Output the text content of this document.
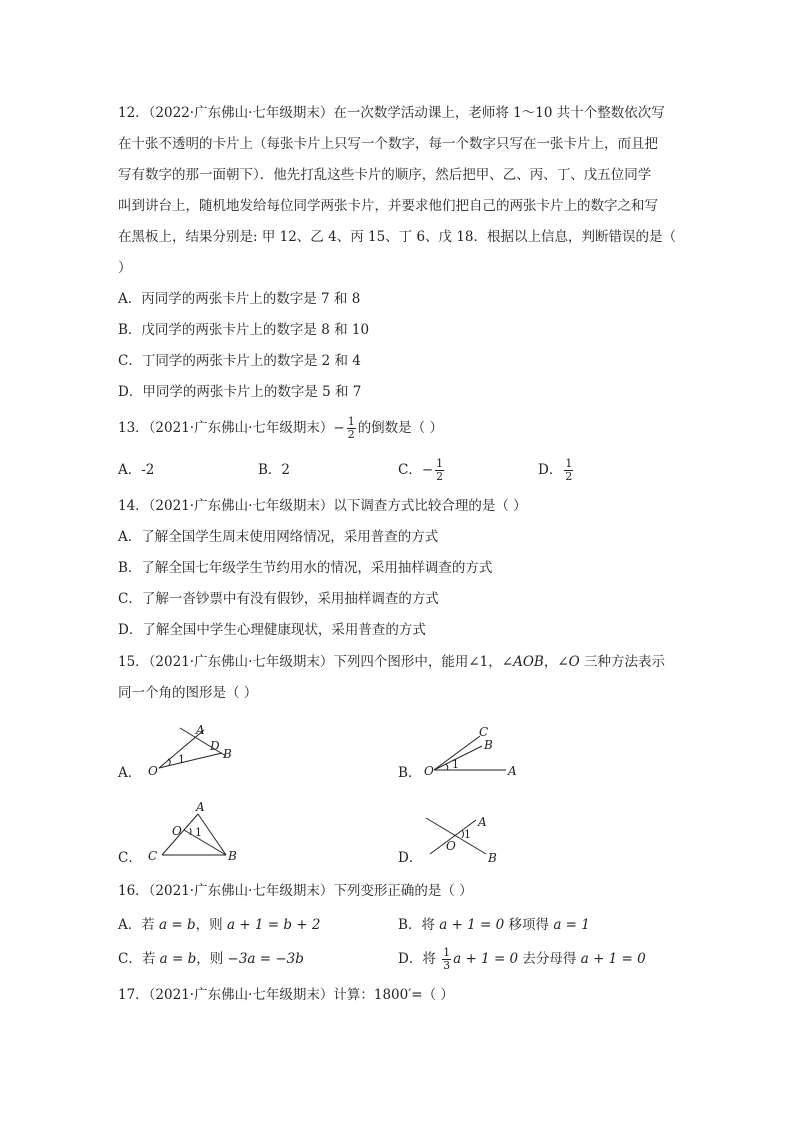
12．（2022·广东佛山·七年级期末）在一次数学活动课上，老师将 1～10 共十个整数依次写
在十张不透明的卡片上（每张卡片上只写一个数字，每一个数字只写在一张卡片上，而且把
写有数字的那一面朝下）．他先打乱这些卡片的顺序，然后把甲、乙、丙、丁、戊五位同学
叫到讲台上，随机地发给每位同学两张卡片，并要求他们把自己的两张卡片上的数字之和写
在黑板上，结果分别是: 甲 12、乙 4、丙 15、丁 6、戊 18．根据以上信息，判断错误的是（
）
A．丙同学的两张卡片上的数字是 7 和 8
B．戊同学的两张卡片上的数字是 8 和 10
C．丁同学的两张卡片上的数字是 2 和 4
D．甲同学的两张卡片上的数字是 5 和 7
13．（2021·广东佛山·七年级期末）− $\frac{1}{2}$ 的倒数是（ ）
A．-2	B．2	C．− $\frac{1}{2}$	D． $\frac{1}{2}$
14．（2021·广东佛山·七年级期末）以下调查方式比较合理的是（ ）
A．了解全国学生周末使用网络情况，采用普查的方式
B．了解全国七年级学生节约用水的情况，采用抽样调查的方式
C．了解一沓钞票中有没有假钞，采用抽样调查的方式
D．了解全国中学生心理健康现状，采用普查的方式
15．（2021·广东佛山·七年级期末）下列四个图形中，能用∠1，∠AOB，∠O 三种方法表示
同一个角的图形是（ ）
A． O
1
A
D
B
B． O 1	A
B
C
C．
O 1
A
C	B	D．
O
1
A
B
16．（2021·广东佛山·七年级期末）下列变形正确的是（ ）
A．若 a = b，则 a + 1 = b + 2	B．将 a + 1 = 0 移项得 a = 1
C．若 a = b，则 −3a = −3b	D．将 $\frac{1}{3}$ a + 1 = 0 去分母得 a + 1 = 0
17．（2021·广东佛山·七年级期末）计算：1800′=（ ）
